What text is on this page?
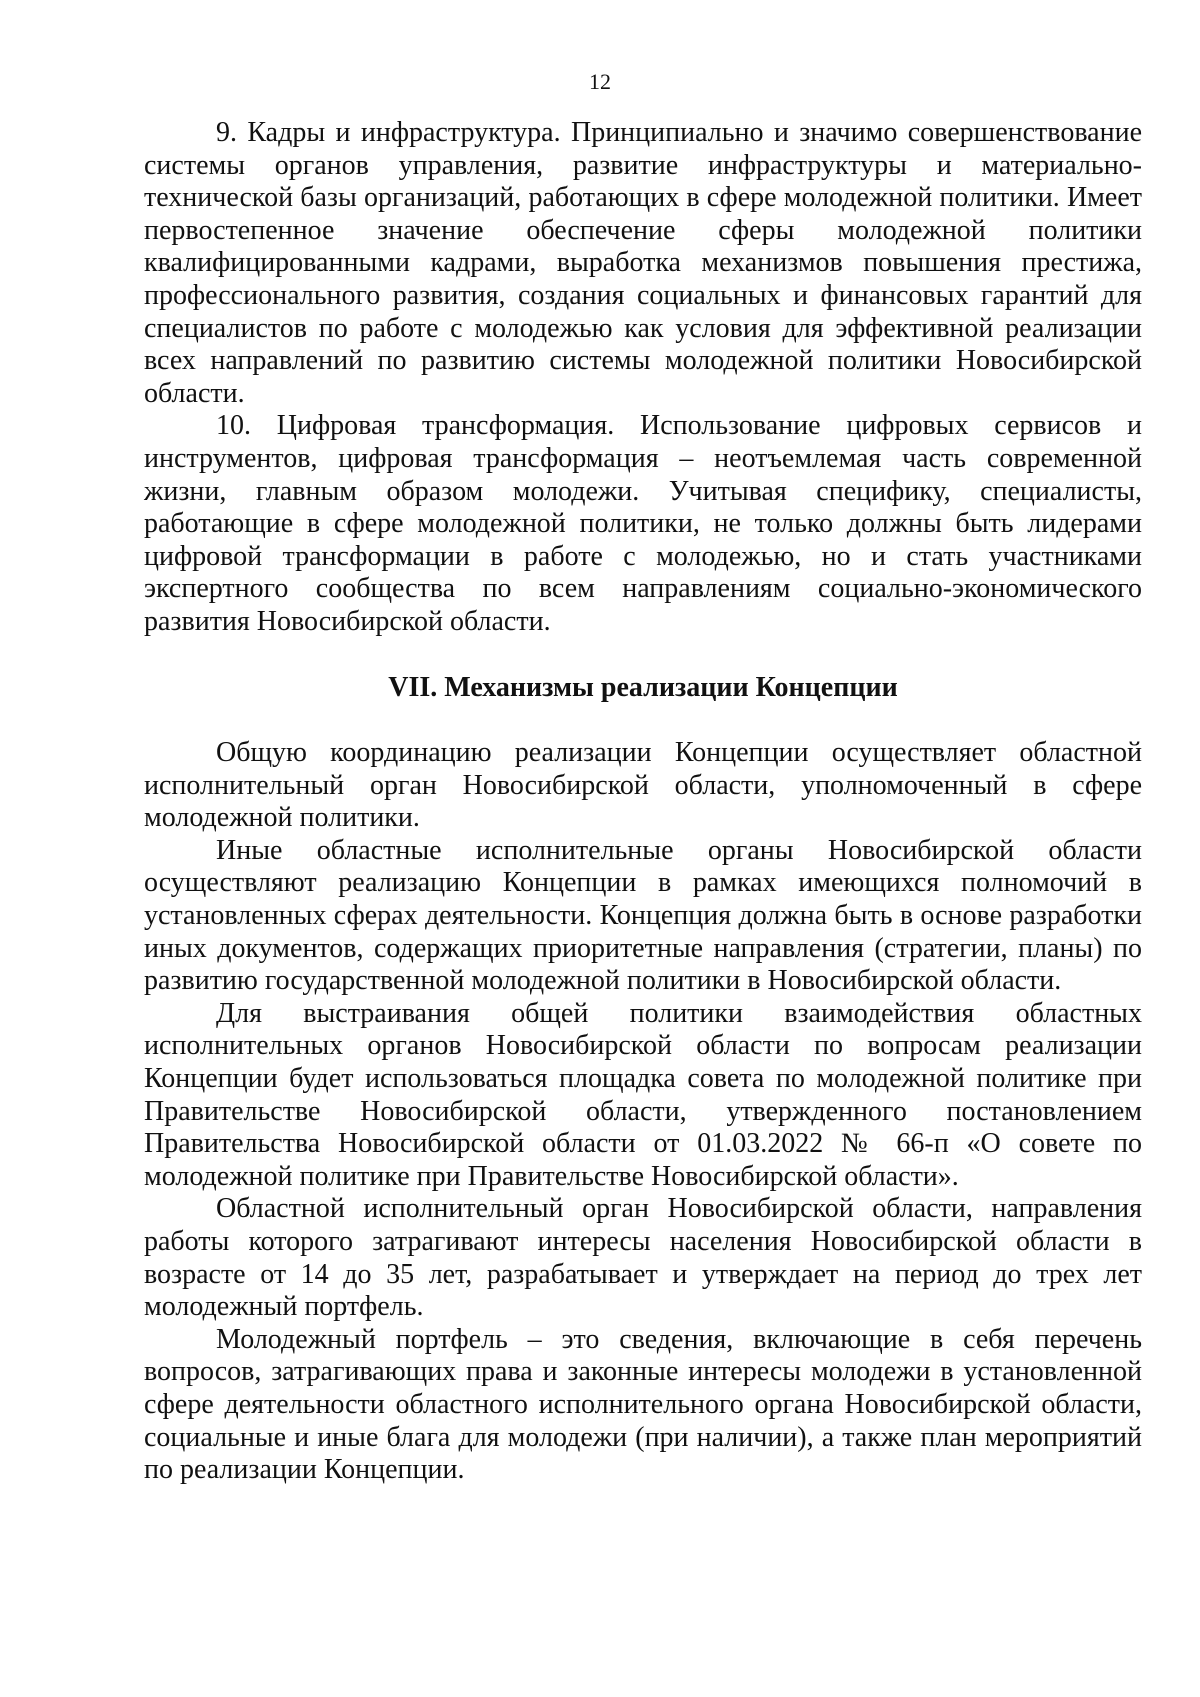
12

9. Кадры и инфраструктура. Принципиально и значимо совершенствование системы органов управления, развитие инфраструктуры и материально-технической базы организаций, работающих в сфере молодежной политики. Имеет первостепенное значение обеспечение сферы молодежной политики квалифицированными кадрами, выработка механизмов повышения престижа, профессионального развития, создания социальных и финансовых гарантий для специалистов по работе с молодежью как условия для эффективной реализации всех направлений по развитию системы молодежной политики Новосибирской области.

10. Цифровая трансформация. Использование цифровых сервисов и инструментов, цифровая трансформация – неотъемлемая часть современной жизни, главным образом молодежи. Учитывая специфику, специалисты, работающие в сфере молодежной политики, не только должны быть лидерами цифровой трансформации в работе с молодежью, но и стать участниками экспертного сообщества по всем направлениям социально-экономического развития Новосибирской области.

VII. Механизмы реализации Концепции

Общую координацию реализации Концепции осуществляет областной исполнительный орган Новосибирской области, уполномоченный в сфере молодежной политики.

Иные областные исполнительные органы Новосибирской области осуществляют реализацию Концепции в рамках имеющихся полномочий в установленных сферах деятельности. Концепция должна быть в основе разработки иных документов, содержащих приоритетные направления (стратегии, планы) по развитию государственной молодежной политики в Новосибирской области.

Для выстраивания общей политики взаимодействия областных исполнительных органов Новосибирской области по вопросам реализации Концепции будет использоваться площадка совета по молодежной политике при Правительстве Новосибирской области, утвержденного постановлением Правительства Новосибирской области от 01.03.2022 № 66-п «О совете по молодежной политике при Правительстве Новосибирской области».

Областной исполнительный орган Новосибирской области, направления работы которого затрагивают интересы населения Новосибирской области в возрасте от 14 до 35 лет, разрабатывает и утверждает на период до трех лет молодежный портфель.

Молодежный портфель – это сведения, включающие в себя перечень вопросов, затрагивающих права и законные интересы молодежи в установленной сфере деятельности областного исполнительного органа Новосибирской области, социальные и иные блага для молодежи (при наличии), а также план мероприятий по реализации Концепции.
